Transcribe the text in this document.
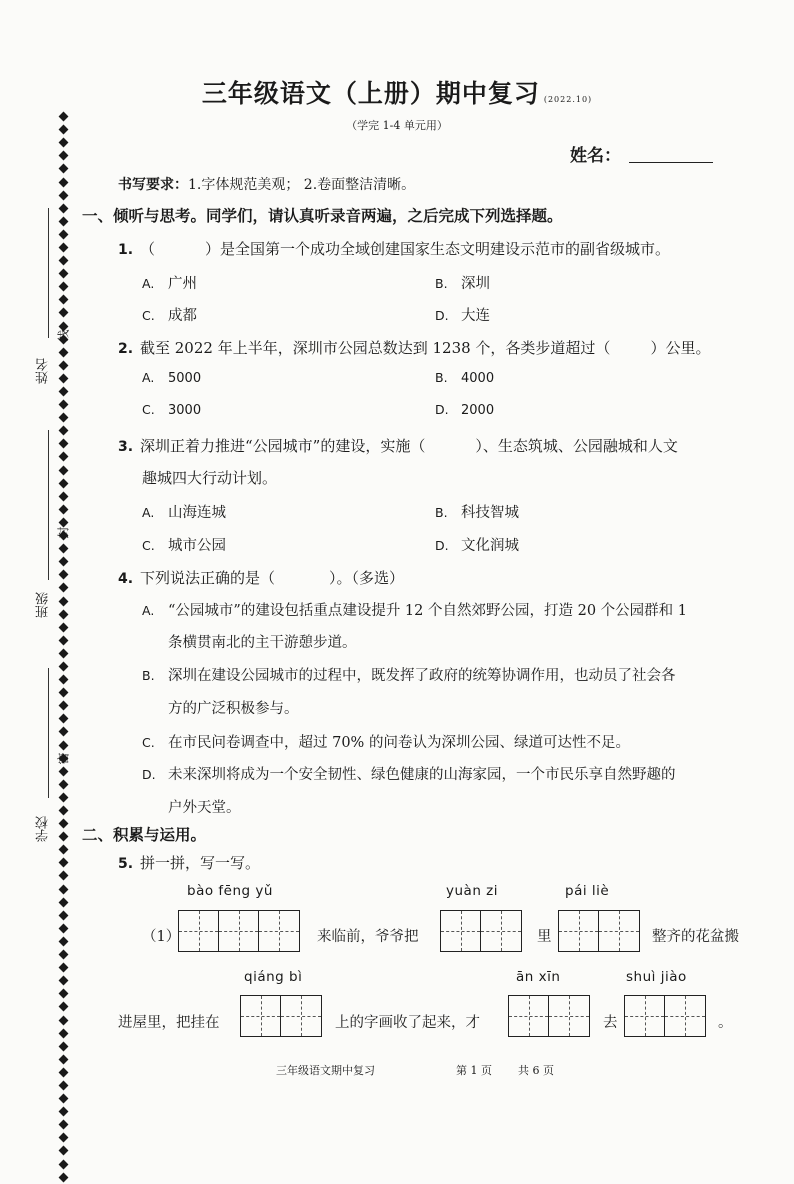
姓名
班级
学校
线
封
密
三年级语文（上册）期中复习 (2022.10)
（学完 1-4 单元用）
姓名：
书写要求：1.字体规范美观； 2.卷面整洁清晰。
一、倾听与思考。同学们，请认真听录音两遍，之后完成下列选择题。
1. （	）是全国第一个成功全域创建国家生态文明建设示范市的副省级城市。
A. 广州	B. 深圳
C. 成都	D. 大连
2. 截至 2022 年上半年，深圳市公园总数达到 1238 个，各类步道超过（	）公里。
A. 5000	B. 4000
C. 3000	D. 2000
3. 深圳正着力推进“公园城市”的建设，实施（	）、生态筑城、公园融城和人文
趣城四大行动计划。
A. 山海连城	B. 科技智城
C. 城市公园	D. 文化润城
4. 下列说法正确的是（	）。（多选）
A. “公园城市”的建设包括重点建设提升 12 个自然郊野公园，打造 20 个公园群和 1
条横贯南北的主干游憩步道。
B. 深圳在建设公园城市的过程中，既发挥了政府的统筹协调作用，也动员了社会各
方的广泛积极参与。
C. 在市民问卷调查中，超过 70% 的问卷认为深圳公园、绿道可达性不足。
D. 未来深圳将成为一个安全韧性、绿色健康的山海家园，一个市民乐享自然野趣的
户外天堂。
二、积累与运用。
5. 拼一拼，写一写。
bào fēng yǔ	yuàn zi	pái liè
（1）	来临前，爷爷把	里	整齐的花盆搬
qiáng bì	ān xīn	shuì jiào
进屋里，把挂在	上的字画收了起来，才	去	。
三年级语文期中复习	第 1 页 共 6 页
